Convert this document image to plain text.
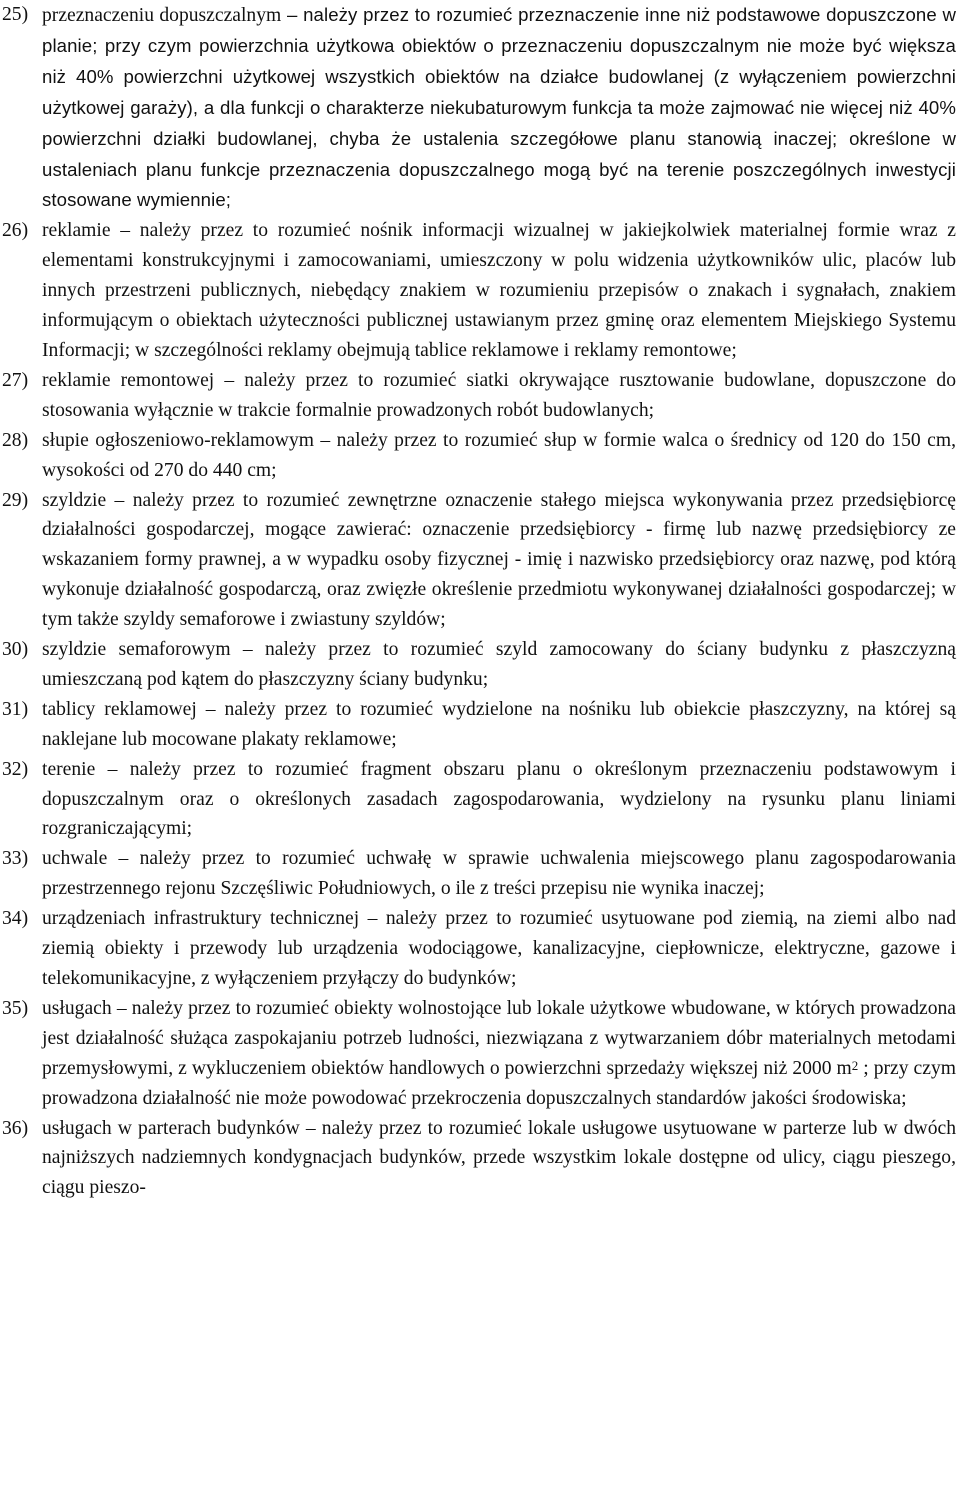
25) przeznaczeniu dopuszczalnym – należy przez to rozumieć przeznaczenie inne niż podstawowe dopuszczone w planie; przy czym powierzchnia użytkowa obiektów o przeznaczeniu dopuszczalnym nie może być większa niż 40% powierzchni użytkowej wszystkich obiektów na działce budowlanej (z wyłączeniem powierzchni użytkowej garaży), a dla funkcji o charakterze niekubaturowym funkcja ta może zajmować nie więcej niż 40% powierzchni działki budowlanej, chyba że ustalenia szczegółowe planu stanowią inaczej; określone w ustaleniach planu funkcje przeznaczenia dopuszczalnego mogą być na terenie poszczególnych inwestycji stosowane wymiennie;
26) reklamie – należy przez to rozumieć nośnik informacji wizualnej w jakiejkolwiek materialnej formie wraz z elementami konstrukcyjnymi i zamocowaniami, umieszczony w polu widzenia użytkowników ulic, placów lub innych przestrzeni publicznych, niebędący znakiem w rozumieniu przepisów o znakach i sygnałach, znakiem informującym o obiektach użyteczności publicznej ustawianym przez gminę oraz elementem Miejskiego Systemu Informacji; w szczególności reklamy obejmują tablice reklamowe i reklamy remontowe;
27) reklamie remontowej – należy przez to rozumieć siatki okrywające rusztowanie budowlane, dopuszczone do stosowania wyłącznie w trakcie formalnie prowadzonych robót budowlanych;
28) słupie ogłoszeniowo-reklamowym – należy przez to rozumieć słup w formie walca o średnicy od 120 do 150 cm, wysokości od 270 do 440 cm;
29) szyldzie – należy przez to rozumieć zewnętrzne oznaczenie stałego miejsca wykonywania przez przedsiębiorcę działalności gospodarczej, mogące zawierać: oznaczenie przedsiębiorcy - firmę lub nazwę przedsiębiorcy ze wskazaniem formy prawnej, a w wypadku osoby fizycznej - imię i nazwisko przedsiębiorcy oraz nazwę, pod którą wykonuje działalność gospodarczą, oraz zwięzłe określenie przedmiotu wykonywanej działalności gospodarczej; w tym także szyldy semaforowe i zwiastuny szyldów;
30) szyldzie semaforowym – należy przez to rozumieć szyld zamocowany do ściany budynku z płaszczyzną umieszczaną pod kątem do płaszczyzny ściany budynku;
31) tablicy reklamowej – należy przez to rozumieć wydzielone na nośniku lub obiekcie płaszczyzny, na której są naklejane lub mocowane plakaty reklamowe;
32) terenie – należy przez to rozumieć fragment obszaru planu o określonym przeznaczeniu podstawowym i dopuszczalnym oraz o określonych zasadach zagospodarowania, wydzielony na rysunku planu liniami rozgraniczającymi;
33) uchwale – należy przez to rozumieć uchwałę w sprawie uchwalenia miejscowego planu zagospodarowania przestrzennego rejonu Szczęśliwic Południowych, o ile z treści przepisu nie wynika inaczej;
34) urządzeniach infrastruktury technicznej – należy przez to rozumieć usytuowane pod ziemią, na ziemi albo nad ziemią obiekty i przewody lub urządzenia wodociągowe, kanalizacyjne, ciepłownicze, elektryczne, gazowe i telekomunikacyjne, z wyłączeniem przyłączy do budynków;
35) usługach – należy przez to rozumieć obiekty wolnostojące lub lokale użytkowe wbudowane, w których prowadzona jest działalność służąca zaspokajaniu potrzeb ludności, niezwiązana z wytwarzaniem dóbr materialnych metodami przemysłowymi, z wykluczeniem obiektów handlowych o powierzchni sprzedaży większej niż 2000 $m^2$ ; przy czym prowadzona działalność nie może powodować przekroczenia dopuszczalnych standardów jakości środowiska;
36) usługach w parterach budynków – należy przez to rozumieć lokale usługowe usytuowane w parterze lub w dwóch najniższych nadziemnych kondygnacjach budynków, przede wszystkim lokale dostępne od ulicy, ciągu pieszego, ciągu pieszo-
